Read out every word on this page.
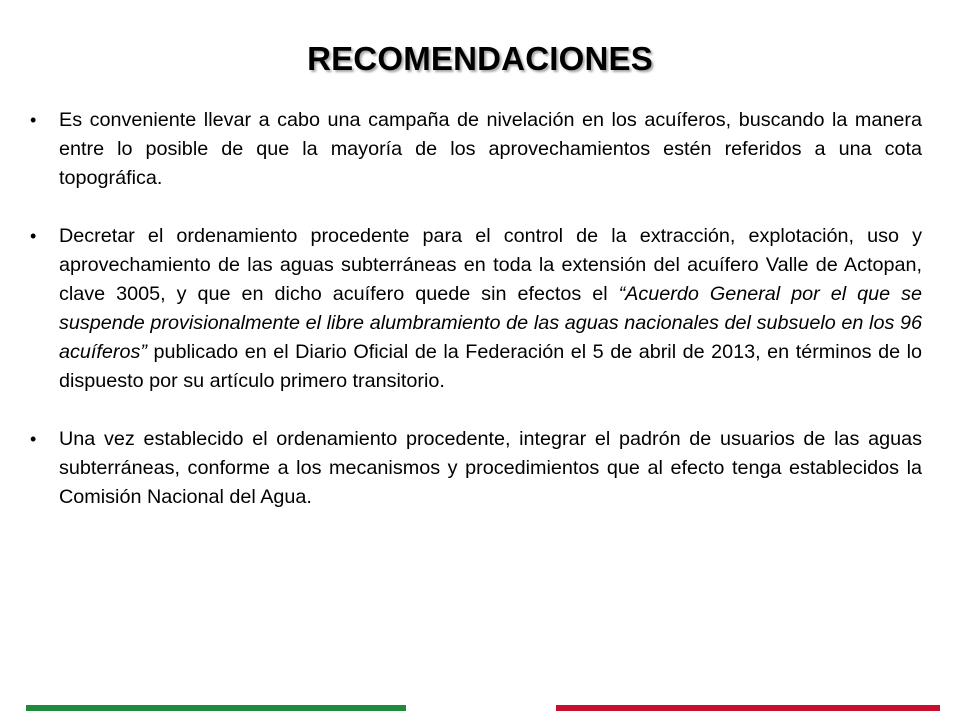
RECOMENDACIONES
• Es conveniente llevar a cabo una campaña de nivelación en los acuíferos, buscando la manera entre lo posible de que la mayoría de los aprovechamientos estén referidos a una cota topográfica.
• Decretar el ordenamiento procedente para el control de la extracción, explotación, uso y aprovechamiento de las aguas subterráneas en toda la extensión del acuífero Valle de Actopan, clave 3005, y que en dicho acuífero quede sin efectos el “Acuerdo General por el que se suspende provisionalmente el libre alumbramiento de las aguas nacionales del subsuelo en los 96 acuíferos” publicado en el Diario Oficial de la Federación el 5 de abril de 2013, en términos de lo dispuesto por su artículo primero transitorio.
• Una vez establecido el ordenamiento procedente, integrar el padrón de usuarios de las aguas subterráneas, conforme a los mecanismos y procedimientos que al efecto tenga establecidos la Comisión Nacional del Agua.
